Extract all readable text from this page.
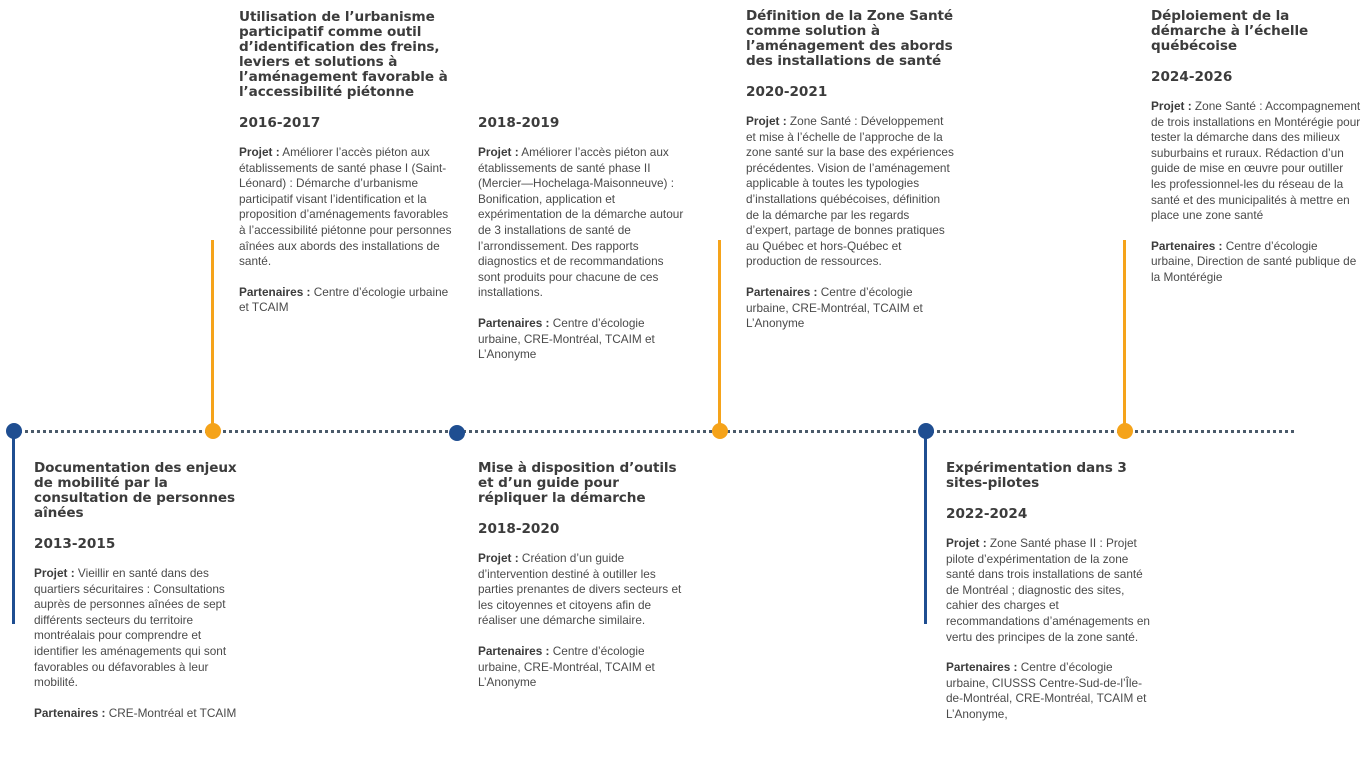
Documentation des enjeux de mobilité par la consultation de personnes aînées
2013-2015

Projet : Vieillir en santé dans des quartiers sécuritaires : Consultations auprès de personnes aînées de sept différents secteurs du territoire montréalais pour comprendre et identifier les aménagements qui sont favorables ou défavorables à leur mobilité.

Partenaires : CRE-Montréal et TCAIM

Utilisation de l’urbanisme participatif comme outil d’identification des freins, leviers et solutions à l’aménagement favorable à l’accessibilité piétonne
2016-2017

Projet : Améliorer l’accès piéton aux établissements de santé phase I (Saint-Léonard) : Démarche d’urbanisme participatif visant l’identification et la proposition d’aménagements favorables à l’accessibilité piétonne pour personnes aînées aux abords des installations de santé.

Partenaires : Centre d’écologie urbaine et TCAIM

2018-2019

Projet : Améliorer l’accès piéton aux établissements de santé phase II (Mercier—Hochelaga-Maisonneuve) : Bonification, application et expérimentation de la démarche autour de 3 installations de santé de l’arrondissement. Des rapports diagnostics et de recommandations sont produits pour chacune de ces installations.

Partenaires : Centre d’écologie urbaine, CRE-Montréal, TCAIM et L’Anonyme

Mise à disposition d’outils et d’un guide pour répliquer la démarche
2018-2020

Projet : Création d’un guide d’intervention destiné à outiller les parties prenantes de divers secteurs et les citoyennes et citoyens afin de réaliser une démarche similaire.

Partenaires : Centre d’écologie urbaine, CRE-Montréal, TCAIM et L’Anonyme

Définition de la Zone Santé comme solution à l’aménagement des abords des installations de santé
2020-2021

Projet : Zone Santé : Développement et mise à l’échelle de l’approche de la zone santé sur la base des expériences précédentes. Vision de l’aménagement applicable à toutes les typologies d’installations québécoises, définition de la démarche par les regards d’expert, partage de bonnes pratiques au Québec et hors-Québec et production de ressources.

Partenaires : Centre d’écologie urbaine, CRE-Montréal, TCAIM et L’Anonyme

Expérimentation dans 3 sites-pilotes
2022-2024

Projet : Zone Santé phase II : Projet pilote d’expérimentation de la zone santé dans trois installations de santé de Montréal ; diagnostic des sites, cahier des charges et recommandations d’aménagements en vertu des principes de la zone santé.

Partenaires : Centre d’écologie urbaine, CIUSSS Centre-Sud-de-l’Île-de-Montréal, CRE-Montréal, TCAIM et L’Anonyme,

Déploiement de la démarche à l’échelle québécoise
2024-2026

Projet : Zone Santé : Accompagnement de trois installations en Montérégie pour tester la démarche dans des milieux suburbains et ruraux. Rédaction d’un guide de mise en œuvre pour outiller les professionnel-les du réseau de la santé et des municipalités à mettre en place une zone santé

Partenaires : Centre d’écologie urbaine, Direction de santé publique de la Montérégie
